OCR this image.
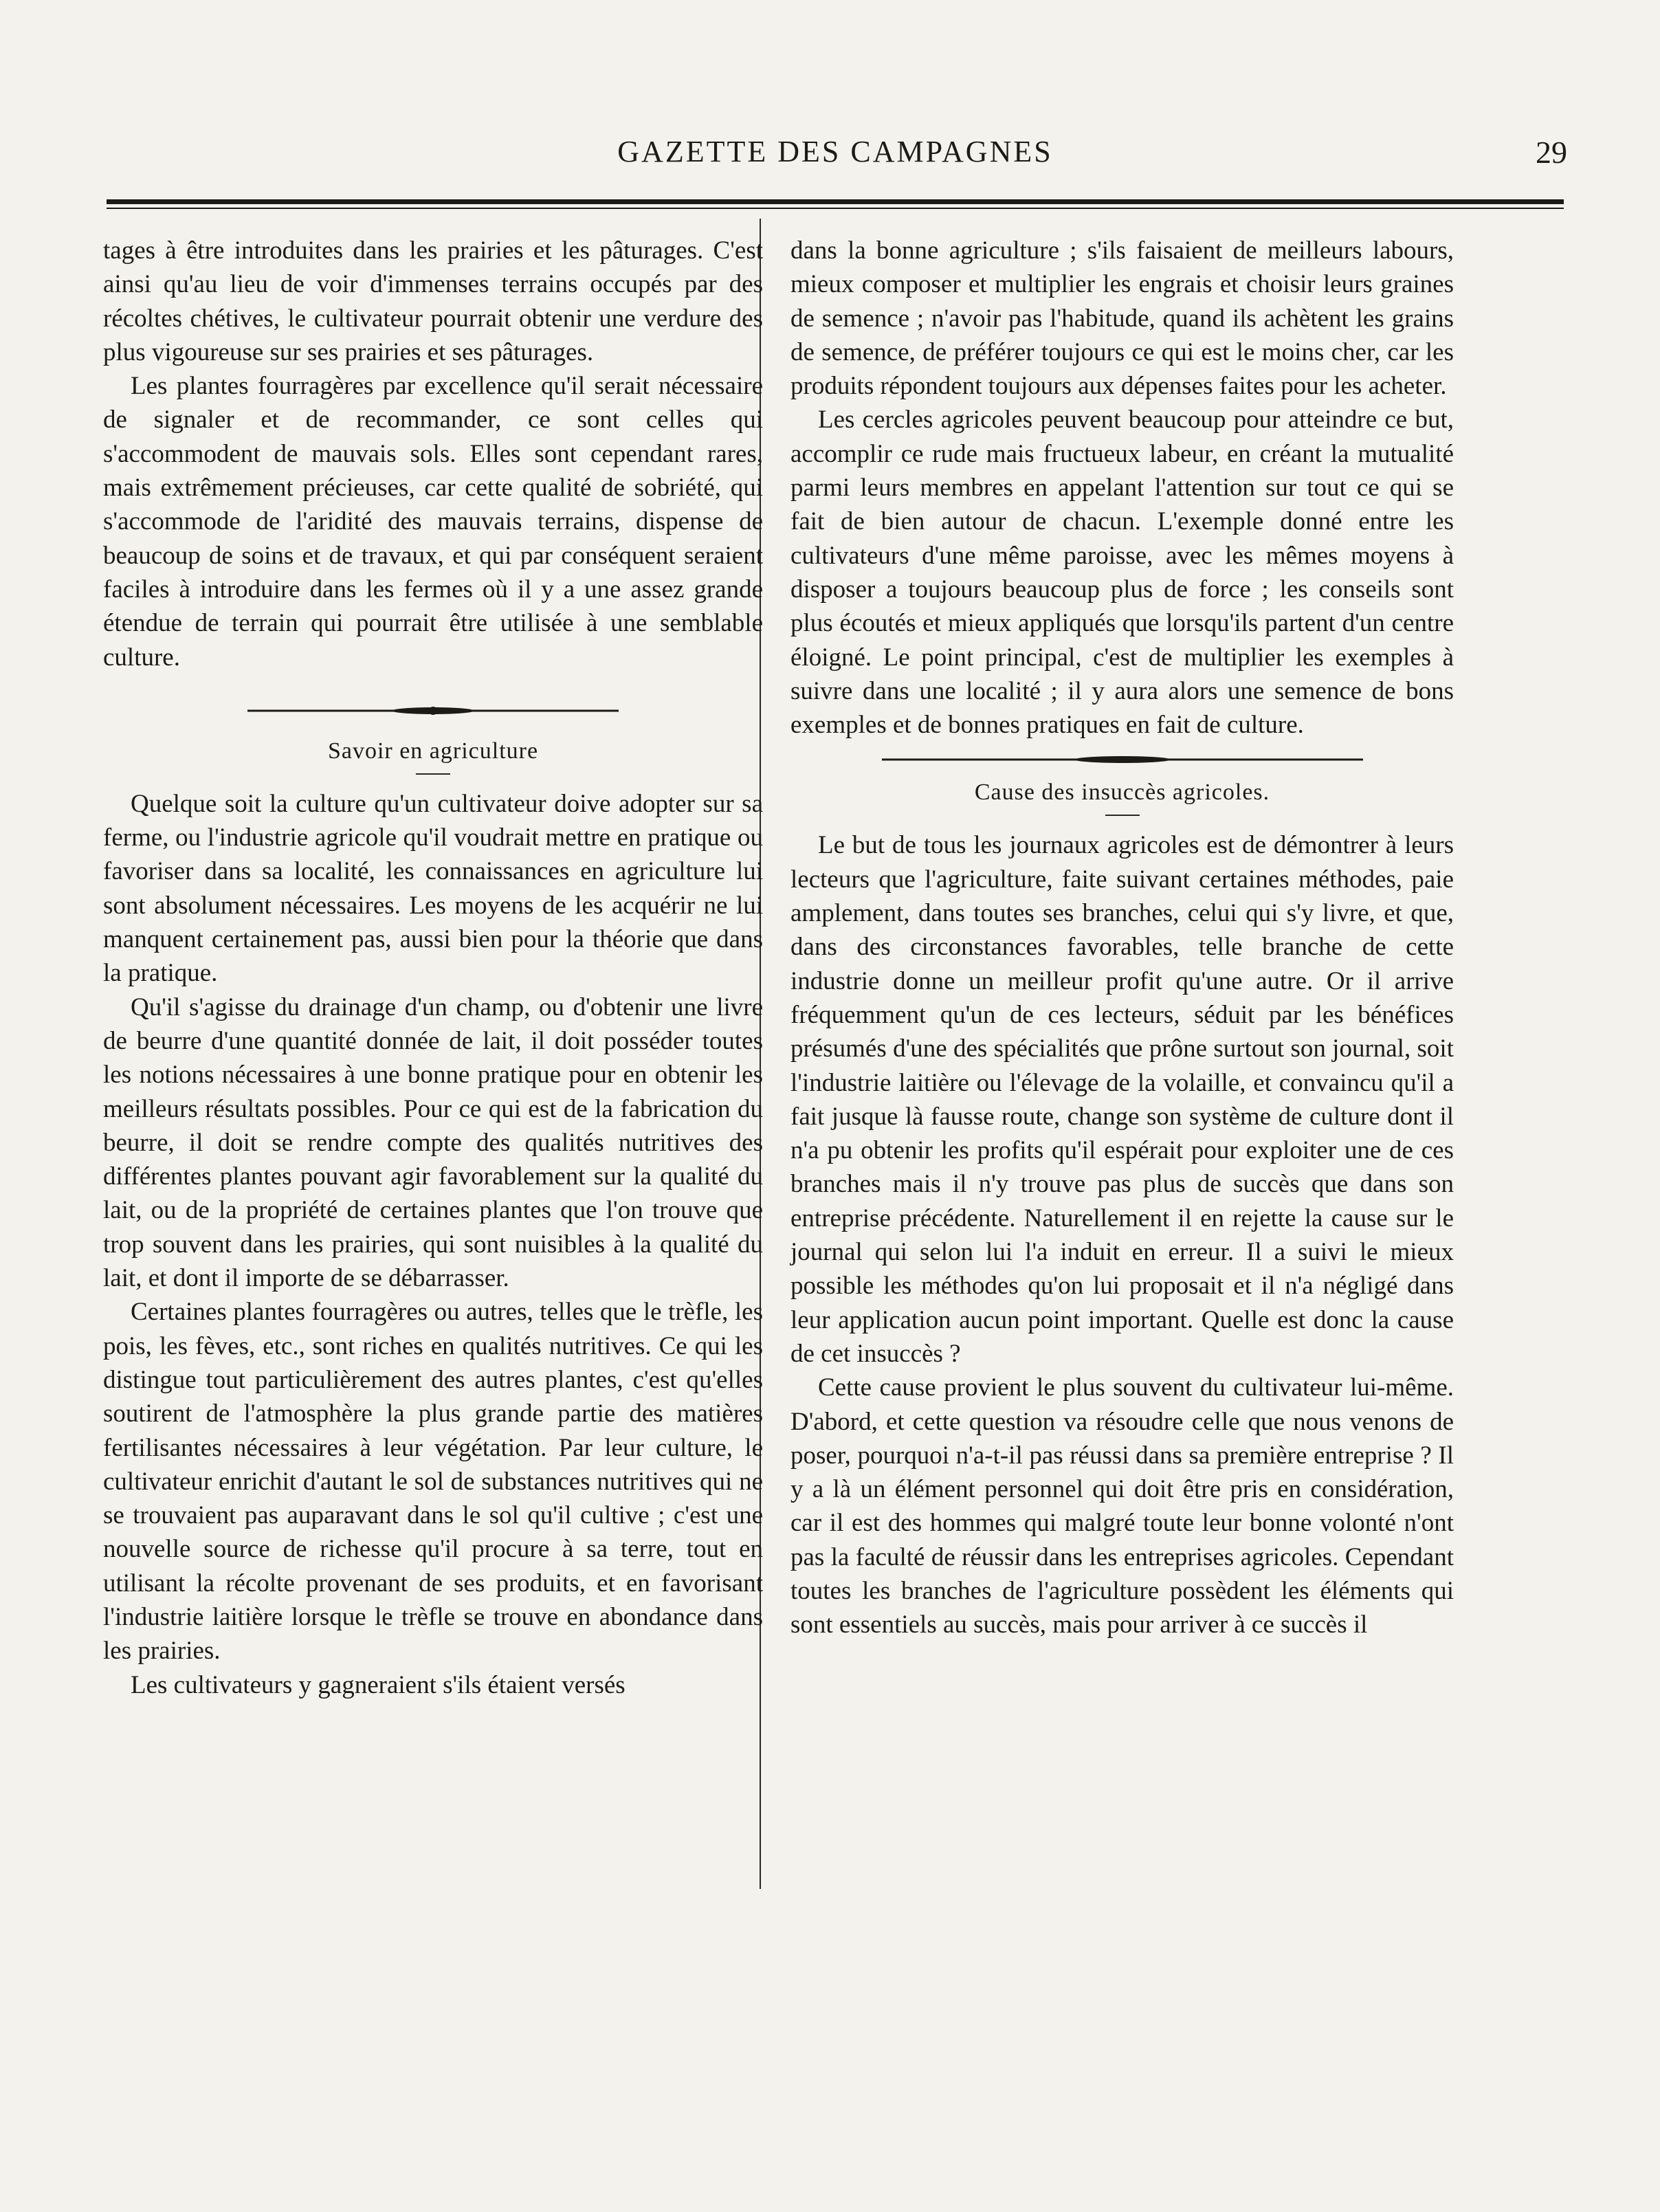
GAZETTE DES CAMPAGNES	29

tages à être introduites dans les prairies et les pâturages. C'est ainsi qu'au lieu de voir d'immenses terrains occupés par des récoltes chétives, le cultivateur pourrait obtenir une verdure des plus vigoureuse sur ses prairies et ses pâturages.

Les plantes fourragères par excellence qu'il serait nécessaire de signaler et de recommander, ce sont celles qui s'accommodent de mauvais sols. Elles sont cependant rares, mais extrêmement précieuses, car cette qualité de sobriété, qui s'accommode de l'aridité des mauvais terrains, dispense de beaucoup de soins et de travaux, et qui par conséquent seraient faciles à introduire dans les fermes où il y a une assez grande étendue de terrain qui pourrait être utilisée à une semblable culture.

Savoir en agriculture

Quelque soit la culture qu'un cultivateur doive adopter sur sa ferme, ou l'industrie agricole qu'il voudrait mettre en pratique ou favoriser dans sa localité, les connaissances en agriculture lui sont absolument nécessaires. Les moyens de les acquérir ne lui manquent certainement pas, aussi bien pour la théorie que dans la pratique.

Qu'il s'agisse du drainage d'un champ, ou d'obtenir une livre de beurre d'une quantité donnée de lait, il doit posséder toutes les notions nécessaires à une bonne pratique pour en obtenir les meilleurs résultats possibles. Pour ce qui est de la fabrication du beurre, il doit se rendre compte des qualités nutritives des différentes plantes pouvant agir favorablement sur la qualité du lait, ou de la propriété de certaines plantes que l'on trouve que trop souvent dans les prairies, qui sont nuisibles à la qualité du lait, et dont il importe de se débarrasser.

Certaines plantes fourragères ou autres, telles que le trèfle, les pois, les fèves, etc., sont riches en qualités nutritives. Ce qui les distingue tout particulièrement des autres plantes, c'est qu'elles soutirent de l'atmosphère la plus grande partie des matières fertilisantes nécessaires à leur végétation. Par leur culture, le cultivateur enrichit d'autant le sol de substances nutritives qui ne se trouvaient pas auparavant dans le sol qu'il cultive ; c'est une nouvelle source de richesse qu'il procure à sa terre, tout en utilisant la récolte provenant de ses produits, et en favorisant l'industrie laitière lorsque le trèfle se trouve en abondance dans les prairies.

Les cultivateurs y gagneraient s'ils étaient versés

dans la bonne agriculture ; s'ils faisaient de meilleurs labours, mieux composer et multiplier les engrais et choisir leurs graines de semence ; n'avoir pas l'habitude, quand ils achètent les grains de semence, de préférer toujours ce qui est le moins cher, car les produits répondent toujours aux dépenses faites pour les acheter.

Les cercles agricoles peuvent beaucoup pour atteindre ce but, accomplir ce rude mais fructueux labeur, en créant la mutualité parmi leurs membres en appelant l'attention sur tout ce qui se fait de bien autour de chacun. L'exemple donné entre les cultivateurs d'une même paroisse, avec les mêmes moyens à disposer a toujours beaucoup plus de force ; les conseils sont plus écoutés et mieux appliqués que lorsqu'ils partent d'un centre éloigné. Le point principal, c'est de multiplier les exemples à suivre dans une localité ; il y aura alors une semence de bons exemples et de bonnes pratiques en fait de culture.

Cause des insuccès agricoles.

Le but de tous les journaux agricoles est de démontrer à leurs lecteurs que l'agriculture, faite suivant certaines méthodes, paie amplement, dans toutes ses branches, celui qui s'y livre, et que, dans des circonstances favorables, telle branche de cette industrie donne un meilleur profit qu'une autre. Or il arrive fréquemment qu'un de ces lecteurs, séduit par les bénéfices présumés d'une des spécialités que prône surtout son journal, soit l'industrie laitière ou l'élevage de la volaille, et convaincu qu'il a fait jusque là fausse route, change son système de culture dont il n'a pu obtenir les profits qu'il espérait pour exploiter une de ces branches mais il n'y trouve pas plus de succès que dans son entreprise précédente. Naturellement il en rejette la cause sur le journal qui selon lui l'a induit en erreur. Il a suivi le mieux possible les méthodes qu'on lui proposait et il n'a négligé dans leur application aucun point important. Quelle est donc la cause de cet insuccès ?

Cette cause provient le plus souvent du cultivateur lui-même. D'abord, et cette question va résoudre celle que nous venons de poser, pourquoi n'a-t-il pas réussi dans sa première entreprise ? Il y a là un élément personnel qui doit être pris en considération, car il est des hommes qui malgré toute leur bonne volonté n'ont pas la faculté de réussir dans les entreprises agricoles. Cependant toutes les branches de l'agriculture possèdent les éléments qui sont essentiels au succès, mais pour arriver à ce succès il
